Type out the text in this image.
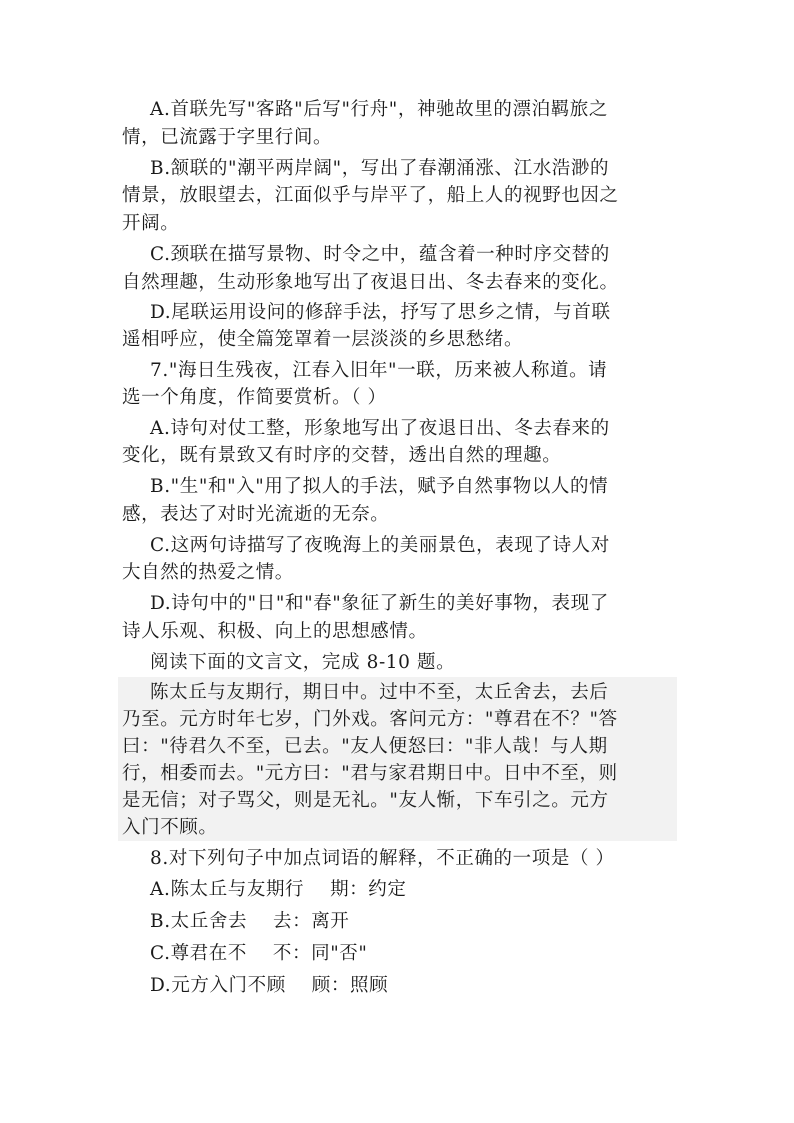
A.首联先写"客路"后写"行舟"，神驰故里的漂泊羁旅之
情，已流露于字里行间。
B.颔联的"潮平两岸阔"，写出了春潮涌涨、江水浩渺的
情景，放眼望去，江面似乎与岸平了，船上人的视野也因之
开阔。
C.颈联在描写景物、时令之中，蕴含着一种时序交替的
自然理趣，生动形象地写出了夜退日出、冬去春来的变化。
D.尾联运用设问的修辞手法，抒写了思乡之情，与首联
遥相呼应，使全篇笼罩着一层淡淡的乡思愁绪。
7."海日生残夜，江春入旧年"一联，历来被人称道。请
选一个角度，作简要赏析。（ ）
A.诗句对仗工整，形象地写出了夜退日出、冬去春来的
变化，既有景致又有时序的交替，透出自然的理趣。
B."生"和"入"用了拟人的手法，赋予自然事物以人的情
感，表达了对时光流逝的无奈。
C.这两句诗描写了夜晚海上的美丽景色，表现了诗人对
大自然的热爱之情。
D.诗句中的"日"和"春"象征了新生的美好事物，表现了
诗人乐观、积极、向上的思想感情。
阅读下面的文言文，完成 8-10 题。
陈太丘与友期行，期日中。过中不至，太丘舍去，去后
乃至。元方时年七岁，门外戏。客问元方："尊君在不？"答
曰："待君久不至，已去。"友人便怒曰："非人哉！与人期
行，相委而去。"元方曰："君与家君期日中。日中不至，则
是无信；对子骂父，则是无礼。"友人惭，下车引之。元方
入门不顾。
8.对下列句子中加点词语的解释，不正确的一项是（ ）
A.陈太丘与友期行    期：约定
B.太丘舍去    去：离开
C.尊君在不    不：同"否"
D.元方入门不顾    顾：照顾
